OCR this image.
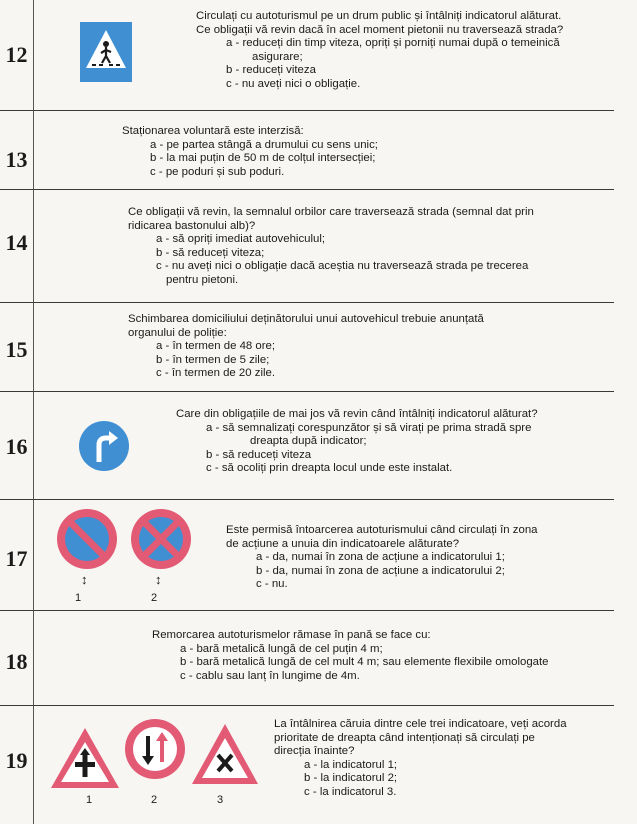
12
Circulați cu autoturismul pe un drum public și întâlniți indicatorul alăturat.
Ce obligații vă revin dacă în acel moment pietonii nu traversează strada?
a - reduceți din timp viteza, opriți și porniți numai după o temeinică
asigurare;
b - reduceți viteza
c - nu aveți nici o obligație.
13
Staționarea voluntară este interzisă:
a - pe partea stângă a drumului cu sens unic;
b - la mai puțin de 50 m de colțul intersecției;
c - pe poduri și sub poduri.
14
Ce obligații vă revin, la semnalul orbilor care traversează strada (semnal dat prin
ridicarea bastonului alb)?
a - să opriți imediat autovehiculul;
b - să reduceți viteza;
c - nu aveți nici o obligație dacă aceștia nu traversează strada pe trecerea
pentru pietoni.
15
Schimbarea domiciliului deținătorului unui autovehicul trebuie anunțată
organului de poliție:
a - în termen de 48 ore;
b - în termen de 5 zile;
c - în termen de 20 zile.
16
Care din obligațiile de mai jos vă revin când întâlniți indicatorul alăturat?
a - să semnalizați corespunzător și să virați pe prima stradă spre
dreapta după indicator;
b - să reduceți viteza
c - să ocoliți prin dreapta locul unde este instalat.
17
↕	↕
1	2
Este permisă întoarcerea autoturismului când circulați în zona
de acțiune a unuia din indicatoarele alăturate?
a - da, numai în zona de acțiune a indicatorului 1;
b - da, numai în zona de acțiune a indicatorului 2;
c - nu.
18
Remorcarea autoturismelor rămase în pană se face cu:
a - bară metalică lungă de cel puțin 4 m;
b - bară metalică lungă de cel mult 4 m; sau elemente flexibile omologate
c - cablu sau lanț în lungime de 4m.
19
1	2	3
La întâlnirea căruia dintre cele trei indicatoare, veți acorda
prioritate de dreapta când intenționați să circulați pe
direcția înainte?
a - la indicatorul 1;
b - la indicatorul 2;
c - la indicatorul 3.
